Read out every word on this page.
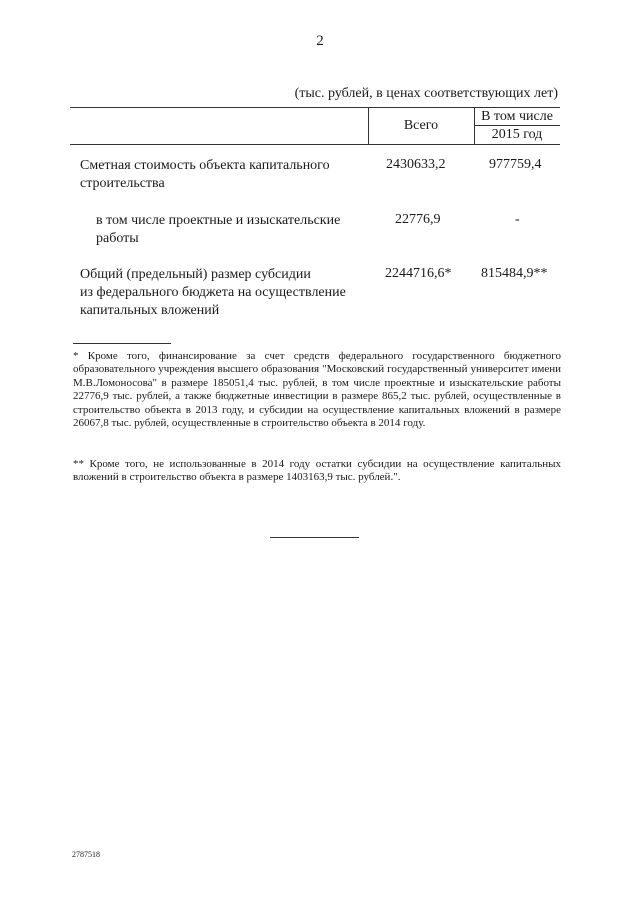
2
(тыс. рублей, в ценах соответствующих лет)
Всего
В том числе
2015 год
Сметная стоимость объекта капитального
строительства
2430633,2	977759,4
в том числе проектные и изыскательские
работы
22776,9	-
Общий (предельный) размер субсидии
из федерального бюджета на осуществление
капитальных вложений
2244716,6* 815484,9**
* Кроме того, финансирование за счет средств федерального государственного бюджетного образовательного учреждения высшего образования "Московский государственный университет имени М.В.Ломоносова" в размере 185051,4 тыс. рублей, в том числе проектные и изыскательские работы 22776,9 тыс. рублей, а также бюджетные инвестиции в размере 865,2 тыс. рублей, осуществленные в строительство объекта в 2013 году, и субсидии на осуществление капитальных вложений в размере 26067,8 тыс. рублей, осуществленные в строительство объекта в 2014 году.
** Кроме того, не использованные в 2014 году остатки субсидии на осуществление капитальных вложений в строительство объекта в размере 1403163,9 тыс. рублей.".
2787518
